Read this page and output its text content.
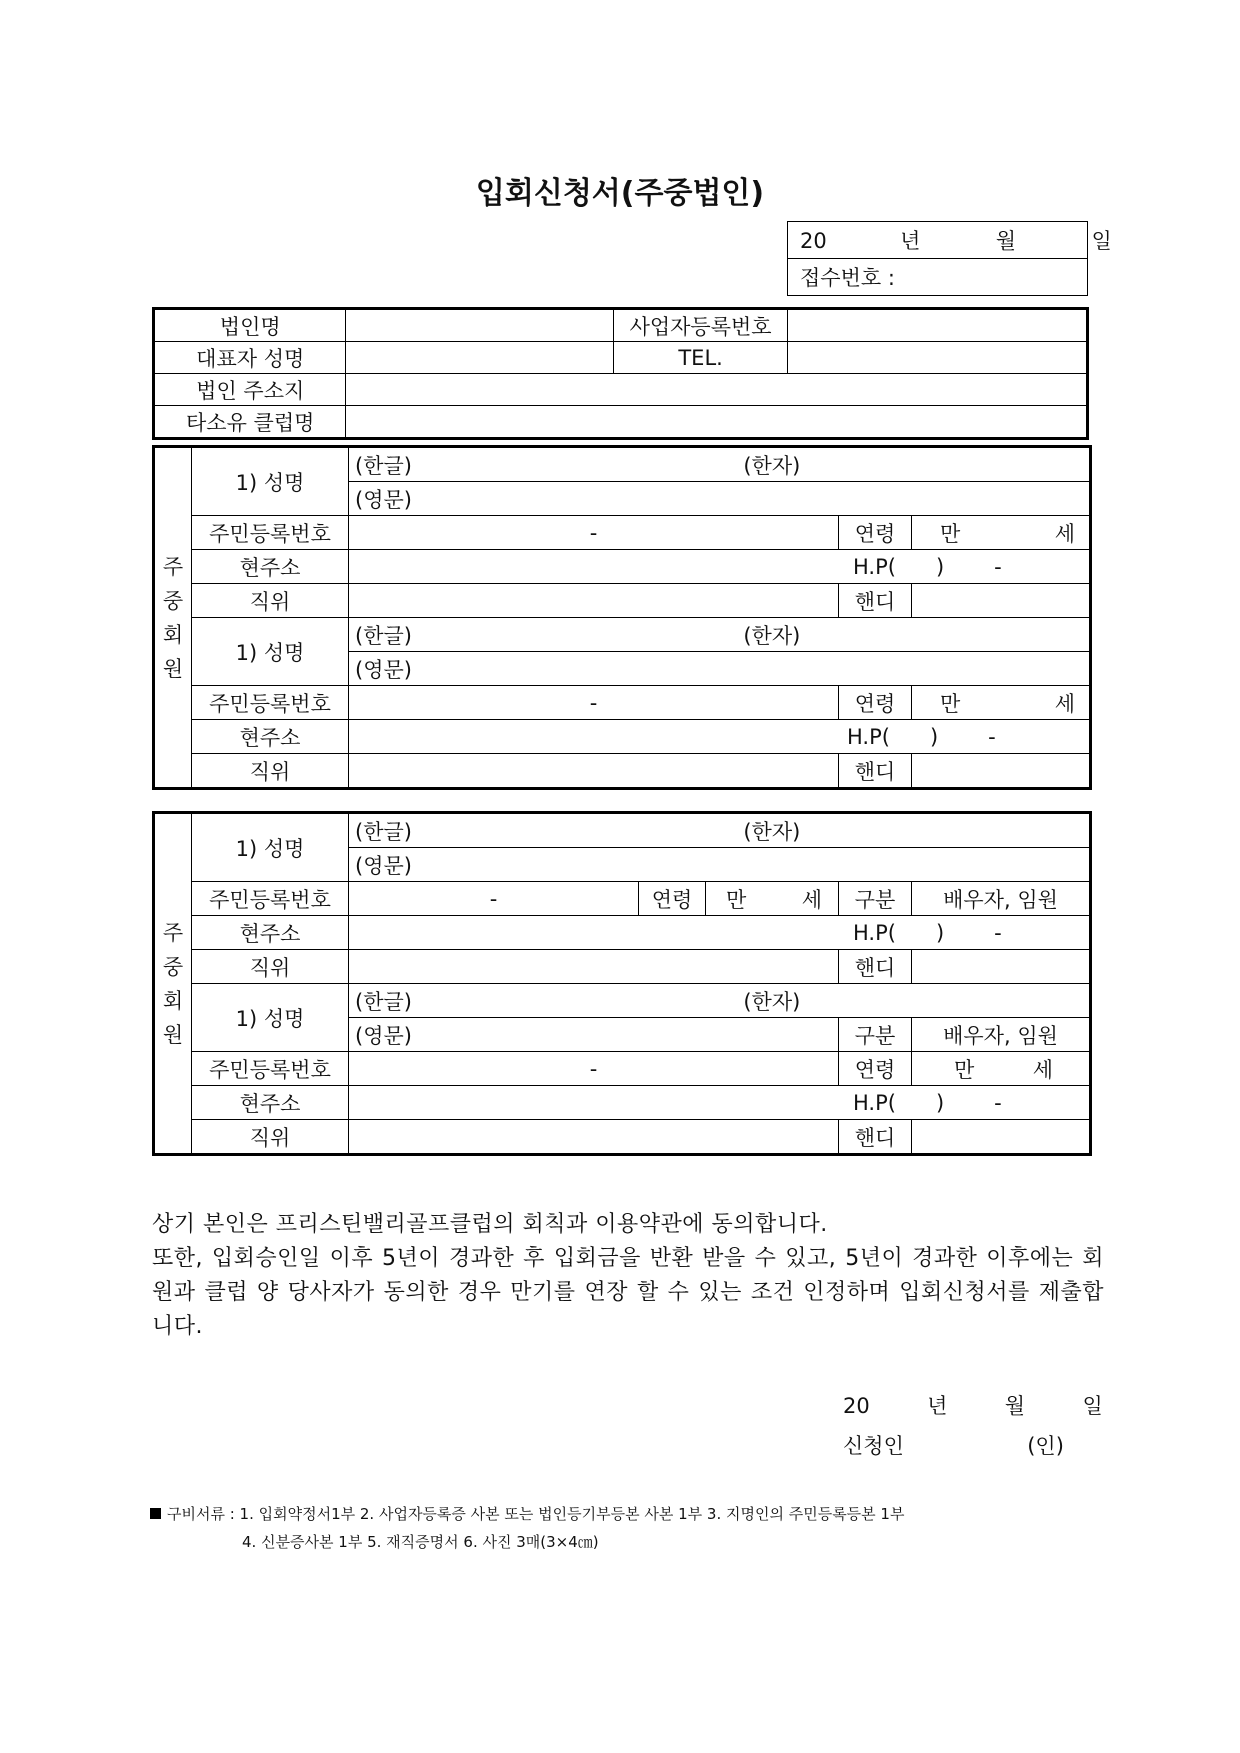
입회신청서(주중법인)
20	년	월	일
접수번호 :
법인명		사업자등록번호	
대표자 성명		TEL.	
법인 주소지			
타소유 클럽명			
주
중
회
원	1) 성명	(한글) (한자)		
		(영문)		
	주민등록번호	-	연령	만 세

	현주소	H.P( ) -		
	직위		핸디	
	1) 성명	(한글) (한자)		
		(영문)		
	주민등록번호	-	연령	만 세

	현주소	H.P( ) -		
	직위		핸디	
주
중
회
원	1) 성명	(한글) (한자)				
		(영문)				
	주민등록번호	-	연령	만 세	구분	배우자, 임원
	현주소	H.P( ) -				
	직위				핸디	
	1) 성명	(한글) (한자)				
		(영문)			구분	배우자, 임원
	주민등록번호	-			연령	만 세

	현주소	H.P( ) -				
	직위				핸디	

상기 본인은 프리스틴밸리골프클럽의 회칙과 이용약관에 동의합니다.

또한, 입회승인일 이후 5년이 경과한 후 입회금을 반환 받을 수 있고, 5년이 경과한 이후에는 회원과 클럽 양 당사자가 동의한 경우 만기를 연장 할 수 있는 조건 인정하며 입회신청서를 제출합니다.

20	년	월	일
신청인	(인)
구비서류 : 1. 입회약정서1부 2. 사업자등록증 사본 또는 법인등기부등본 사본 1부 3. 지명인의 주민등록등본 1부
4. 신분증사본 1부 5. 재직증명서 6. 사진 3매(3×4㎝)
